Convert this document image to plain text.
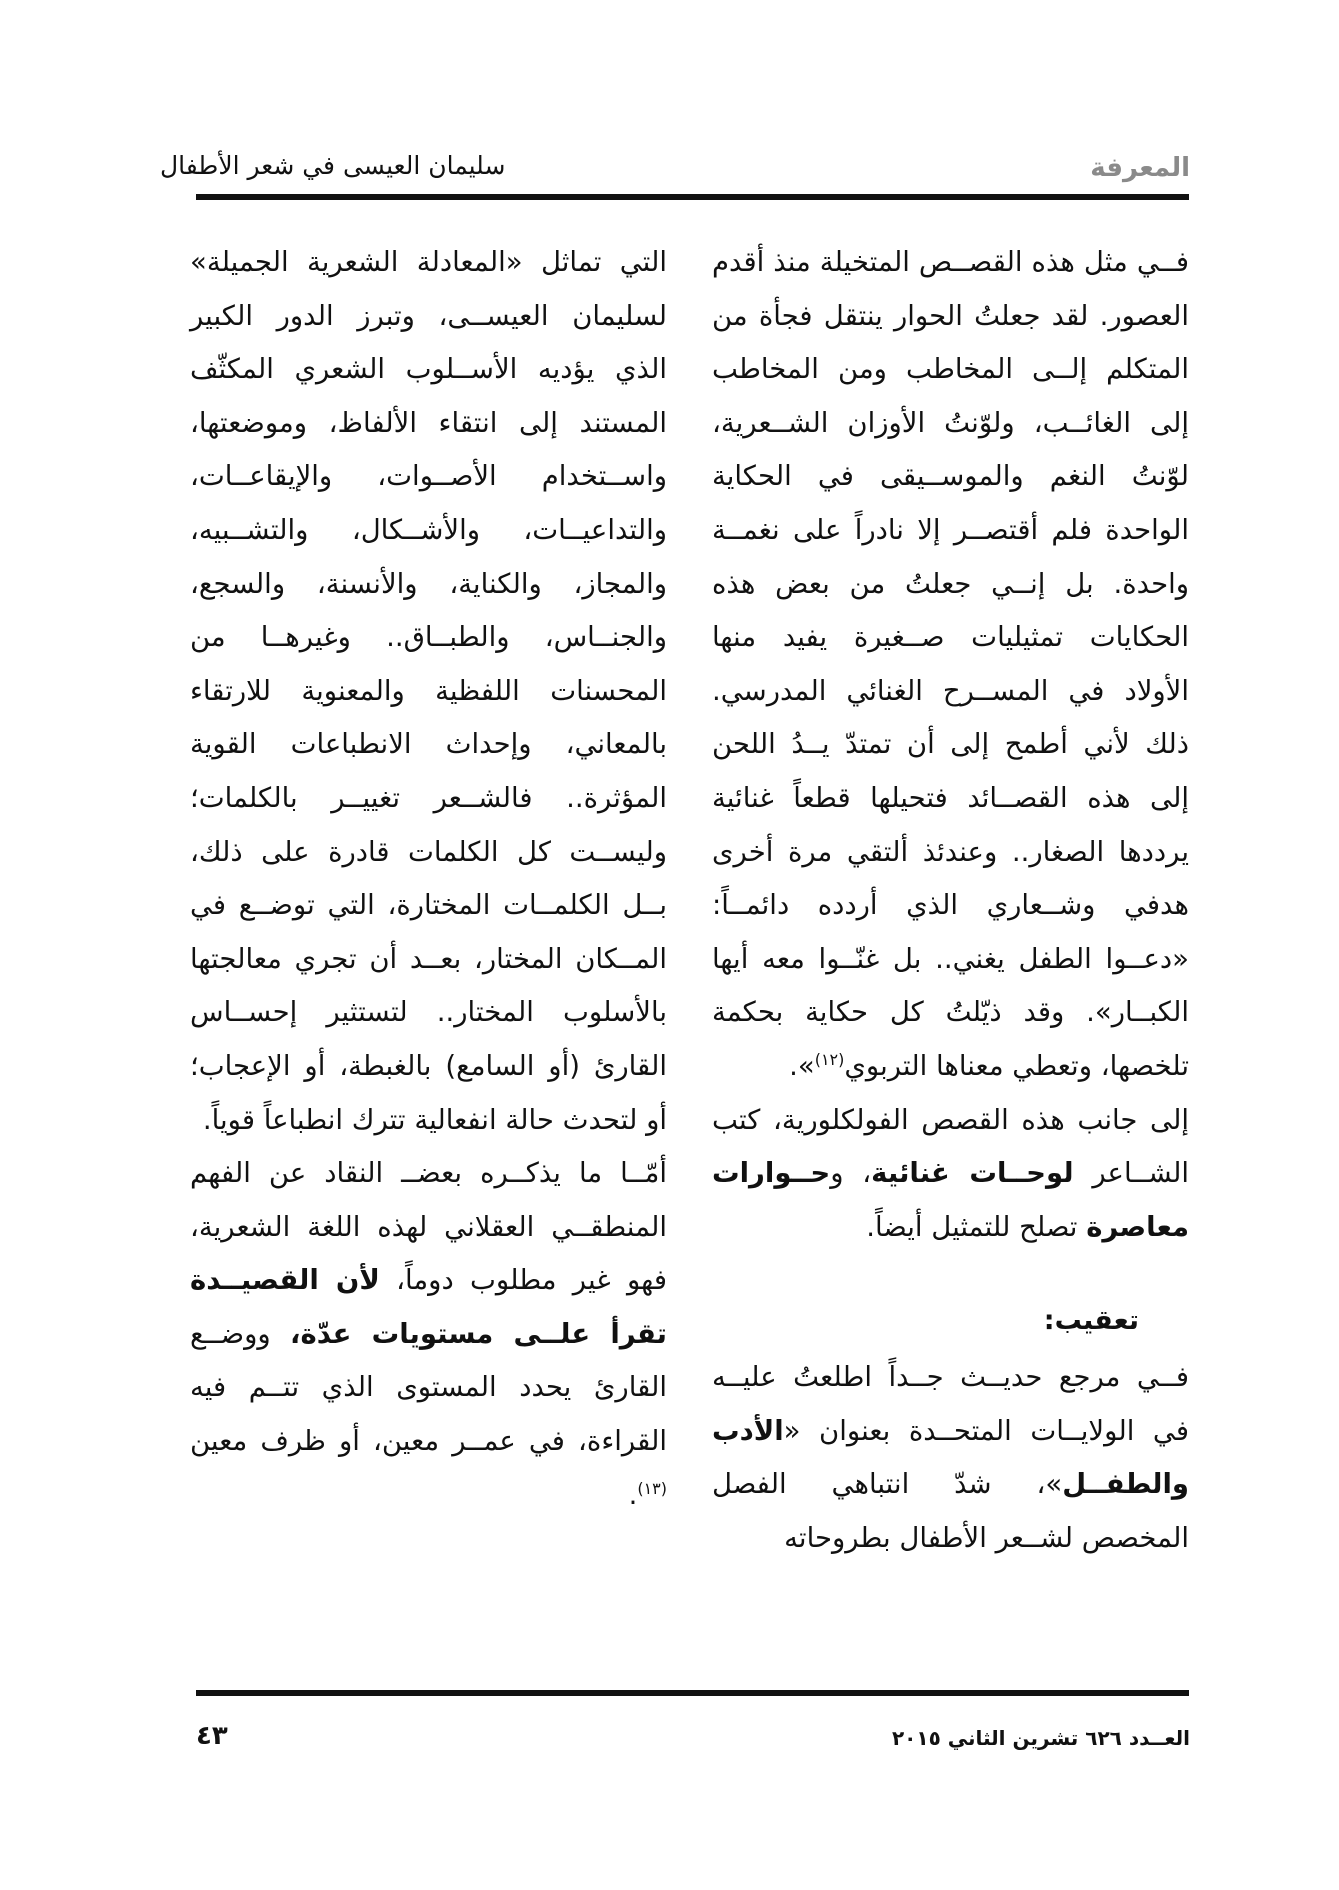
المعرفة
سليمان العيسى في شعر الأطفال

فــي مثل هذه القصــص المتخيلة منذ أقدم العصور. لقد جعلتُ الحوار ينتقل فجأة من المتكلم إلــى المخاطب ومن المخاطب إلى الغائــب، ولوّنتُ الأوزان الشــعرية، لوّنتُ النغم والموســيقى في الحكاية الواحدة فلم أقتصــر إلا نادراً على نغمــة واحدة. بل إنــي جعلتُ من بعض هذه الحكايات تمثيليات صــغيرة يفيد منها الأولاد في المســرح الغنائي المدرسي. ذلك لأني أطمح إلى أن تمتدّ يــدُ اللحن إلى هذه القصــائد فتحيلها قطعاً غنائية يرددها الصغار.. وعندئذ ألتقي مرة أخرى هدفي وشــعاري الذي أردده دائمــاً: «دعــوا الطفل يغني.. بل غنّــوا معه أيها الكبــار». وقد ذيّلتُ كل حكاية بحكمة تلخصها، وتعطي معناها التربوي$^{(١٢)}$».

إلى جانب هذه القصص الفولكلورية، كتب الشــاعر لوحــات غنائية، وحــوارات معاصرة تصلح للتمثيل أيضاً.

تعقيب:

فــي مرجع حديــث جــداً اطلعتُ عليــه في الولايــات المتحــدة بعنوان «الأدب والطفــل»، شدّ انتباهي الفصل المخصص لشــعر الأطفال بطروحاته

التي تماثل «المعادلة الشعرية الجميلة» لسليمان العيســى، وتبرز الدور الكبير الذي يؤديه الأســلوب الشعري المكثّف المستند إلى انتقاء الألفاظ، وموضعتها، واســتخدام الأصــوات، والإيقاعــات، والتداعيــات، والأشــكال، والتشــبيه، والمجاز، والكناية، والأنسنة، والسجع، والجنــاس، والطبــاق.. وغيرهــا من المحسنات اللفظية والمعنوية للارتقاء بالمعاني، وإحداث الانطباعات القوية المؤثرة.. فالشــعر تغييــر بالكلمات؛ وليســت كل الكلمات قادرة على ذلك، بــل الكلمــات المختارة، التي توضــع في المــكان المختار، بعــد أن تجري معالجتها بالأسلوب المختار.. لتستثير إحســاس القارئ (أو السامع) بالغبطة، أو الإعجاب؛ أو لتحدث حالة انفعالية تترك انطباعاً قوياً.

أمّــا ما يذكــره بعضــ النقاد عن الفهم المنطقــي العقلاني لهذه اللغة الشعرية، فهو غير مطلوب دوماً، لأن القصيــدة تقرأ علــى مستويات عدّة، ووضــع القارئ يحدد المستوى الذي تتــم فيه القراءة، في عمــر معين، أو ظرف معين $^{(١٣)}$.

العــدد ٦٢٦ تشرين الثاني ٢٠١٥
٤٣
